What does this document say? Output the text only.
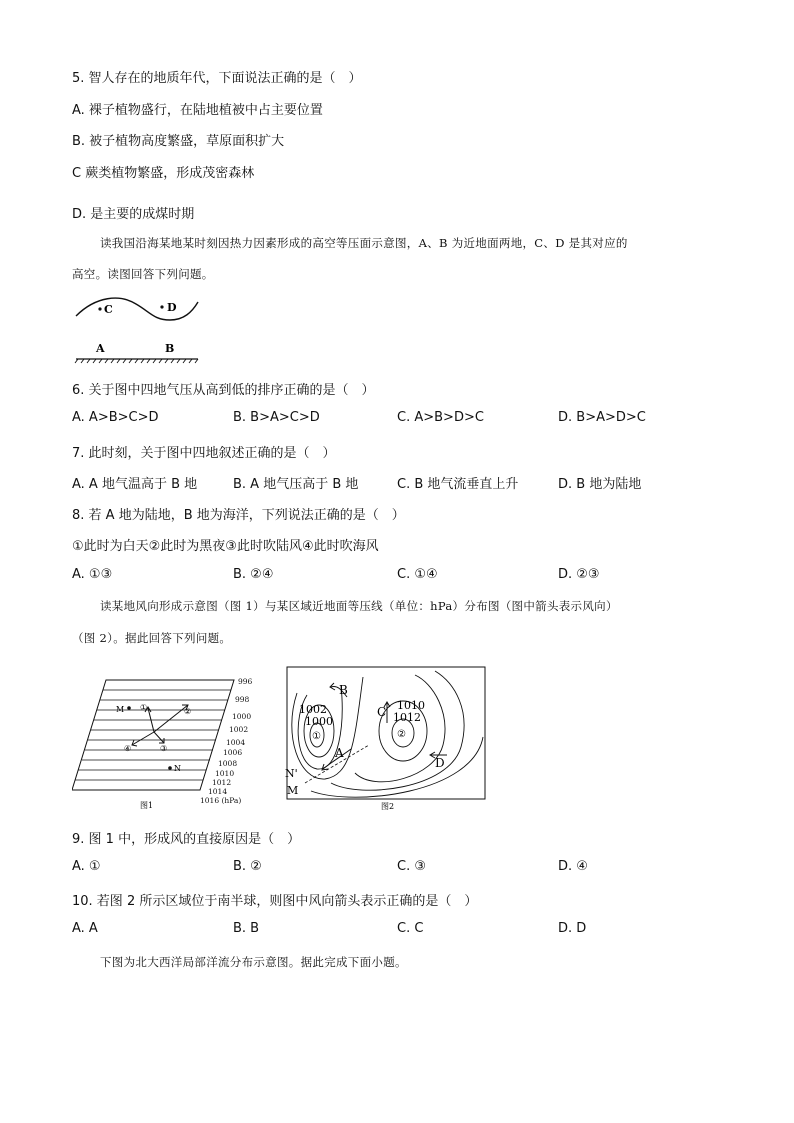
5. 智人存在的地质年代，下面说法正确的是（　）
A. 裸子植物盛行，在陆地植被中占主要位置
B. 被子植物高度繁盛，草原面积扩大
C 蕨类植物繁盛，形成茂密森林
D. 是主要的成煤时期
读我国沿海某地某时刻因热力因素形成的高空等压面示意图，A、B 为近地面两地，C、D 是其对应的
高空。读图回答下列问题。
C	D
A	B
6. 关于图中四地气压从高到低的排序正确的是（　）
A. A>B>C>D	B. B>A>C>D	C. A>B>D>C	D. B>A>D>C
7. 此时刻，关于图中四地叙述正确的是（　）
A. A 地气温高于 B 地	B. A 地气压高于 B 地	C. B 地气流垂直上升	D. B 地为陆地
8. 若 A 地为陆地，B 地为海洋，下列说法正确的是（　）
①此时为白天②此时为黑夜③此时吹陆风④此时吹海风
A. ①③	B. ②④	C. ①④	D. ②③
读某地风向形成示意图（图 1）与某区域近地面等压线（单位：hPa）分布图（图中箭头表示风向）
（图 2）。据此回答下列问题。
996
998
1000
1002
1004
1006
1008
1010
1012
1014
1016 (hPa)
M
N
①	②
③
④
图1
B
C
A
D
1002
1000
1010
1012
①	②
N'
M
图2
9. 图 1 中，形成风的直接原因是（　）
A. ①	B. ②	C. ③	D. ④
10. 若图 2 所示区域位于南半球，则图中风向箭头表示正确的是（　）
A. A	B. B	C. C	D. D
下图为北大西洋局部洋流分布示意图。据此完成下面小题。
